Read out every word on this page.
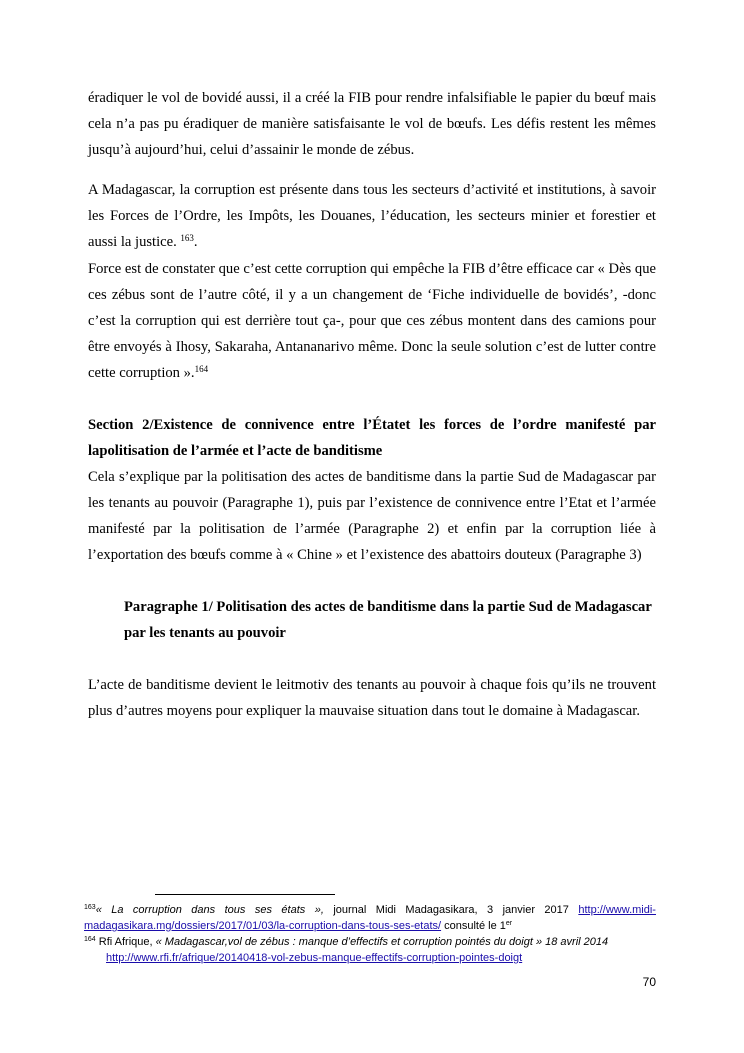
éradiquer le vol de bovidé aussi, il a créé la FIB pour rendre infalsifiable le papier du bœuf mais cela n’a pas pu éradiquer de manière satisfaisante le vol de bœufs. Les défis restent les mêmes jusqu’à aujourd’hui, celui d’assainir le monde de zébus.

A Madagascar, la corruption est présente dans tous les secteurs d’activité et institutions, à savoir les Forces de l’Ordre, les Impôts, les Douanes, l’éducation, les secteurs minier et forestier et aussi la justice. $^{163}$.

Force est de constater que c’est cette corruption qui empêche la FIB d’être efficace car « Dès que ces zébus sont de l’autre côté, il y a un changement de ‘Fiche individuelle de bovidés’, -donc c’est la corruption qui est derrière tout ça-, pour que ces zébus montent dans des camions pour être envoyés à Ihosy, Sakaraha, Antananarivo même. Donc la seule solution c’est de lutter contre cette corruption ».$^{164}$

Section 2/Existence de connivence entre l’Étatet les forces de l’ordre manifesté par lapolitisation de l’armée et l’acte de banditisme

Cela s’explique par la politisation des actes de banditisme dans la partie Sud de Madagascar par les tenants au pouvoir (Paragraphe 1), puis par l’existence de connivence entre l’Etat et l’armée manifesté par la politisation de l’armée (Paragraphe 2) et enfin par la corruption liée à l’exportation des bœufs comme à « Chine » et l’existence des abattoirs douteux (Paragraphe 3)

Paragraphe 1/ Politisation des actes de banditisme dans la partie Sud de Madagascar par les tenants au pouvoir

L’acte de banditisme devient le leitmotiv des tenants au pouvoir à chaque fois qu’ils ne trouvent plus d’autres moyens pour expliquer la mauvaise situation dans tout le domaine à Madagascar.

$^{163}$« La corruption dans tous ses états », journal Midi Madagasikara, 3 janvier 2017 http://www.midi-madagasikara.mg/dossiers/2017/01/03/la-corruption-dans-tous-ses-etats/ consulté le 1er

$^{164}$ Rfi Afrique, « Madagascar,vol de zébus : manque d’effectifs et corruption pointés du doigt » 18 avril 2014
http://www.rfi.fr/afrique/20140418-vol-zebus-manque-effectifs-corruption-pointes-doigt

70
